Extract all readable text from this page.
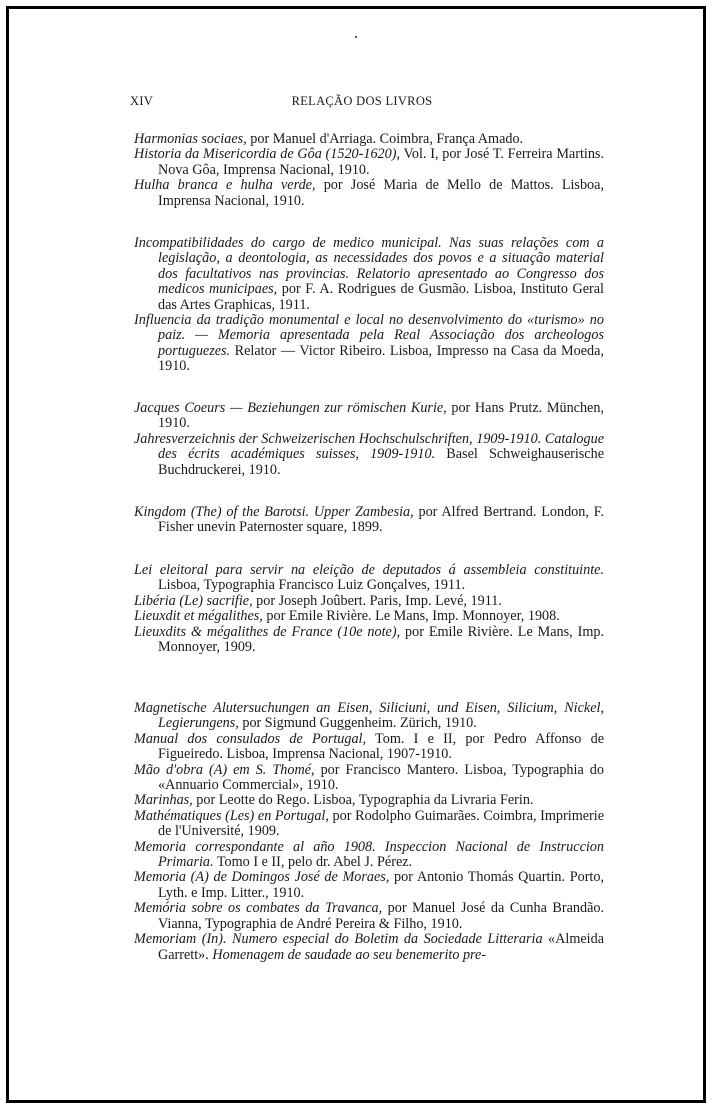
XIV	RELAÇÃO DOS LIVROS
Harmonias sociaes, por Manuel d'Arriaga. Coimbra, França Amado.
Historia da Misericordia de Gôa (1520-1620), Vol. I, por José T. Ferreira Martins. Nova Gôa, Imprensa Nacional, 1910.
Hulha branca e hulha verde, por José Maria de Mello de Mattos. Lisboa, Imprensa Nacional, 1910.
Incompatibilidades do cargo de medico municipal. Nas suas relações com a legislação, a deontologia, as necessidades dos povos e a situação material dos facultativos nas provincias. Relatorio apresentado ao Congresso dos medicos municipaes, por F. A. Rodrigues de Gusmão. Lisboa, Instituto Geral das Artes Graphicas, 1911.
Influencia da tradição monumental e local no desenvolvimento do «turismo» no paiz. — Memoria apresentada pela Real Associação dos archeologos portuguezes. Relator — Victor Ribeiro. Lisboa, Impresso na Casa da Moeda, 1910.
Jacques Coeurs — Beziehungen zur römischen Kurie, por Hans Prutz. München, 1910.
Jahresverzeichnis der Schweizerischen Hochschulschriften, 1909-1910. Catalogue des écrits académiques suisses, 1909-1910. Basel Schweighauserische Buchdruckerei, 1910.
Kingdom (The) of the Barotsi. Upper Zambesia, por Alfred Bertrand. London, F. Fisher unevin Paternoster square, 1899.
Lei eleitoral para servir na eleição de deputados á assembleia constituinte. Lisboa, Typographia Francisco Luiz Gonçalves, 1911.
Libéria (Le) sacrifie, por Joseph Joûbert. Paris, Imp. Levé, 1911.
Lieuxdit et mégalithes, por Emile Rivière. Le Mans, Imp. Monnoyer, 1908.
Lieuxdits & mégalithes de France (10e note), por Emile Rivière. Le Mans, Imp. Monnoyer, 1909.
Magnetische Alutersuchungen an Eisen, Siliciuni, und Eisen, Silicium, Nickel, Legierungens, por Sigmund Guggenheim. Zürich, 1910.
Manual dos consulados de Portugal, Tom. I e II, por Pedro Affonso de Figueiredo. Lisboa, Imprensa Nacional, 1907-1910.
Mão d'obra (A) em S. Thomé, por Francisco Mantero. Lisboa, Typographia do «Annuario Commercial», 1910.
Marinhas, por Leotte do Rego. Lisboa, Typographia da Livraria Ferin.
Mathématiques (Les) en Portugal, por Rodolpho Guimarães. Coimbra, Imprimerie de l'Université, 1909.
Memoria correspondante al año 1908. Inspeccion Nacional de Instruccion Primaria. Tomo I e II, pelo dr. Abel J. Pérez.
Memoria (A) de Domingos José de Moraes, por Antonio Thomás Quartin. Porto, Lyth. e Imp. Litter., 1910.
Memória sobre os combates da Travanca, por Manuel José da Cunha Brandão. Vianna, Typographia de André Pereira & Filho, 1910.
Memoriam (In). Numero especial do Boletim da Sociedade Litteraria «Almeida Garrett». Homenagem de saudade ao seu benemerito pre-
